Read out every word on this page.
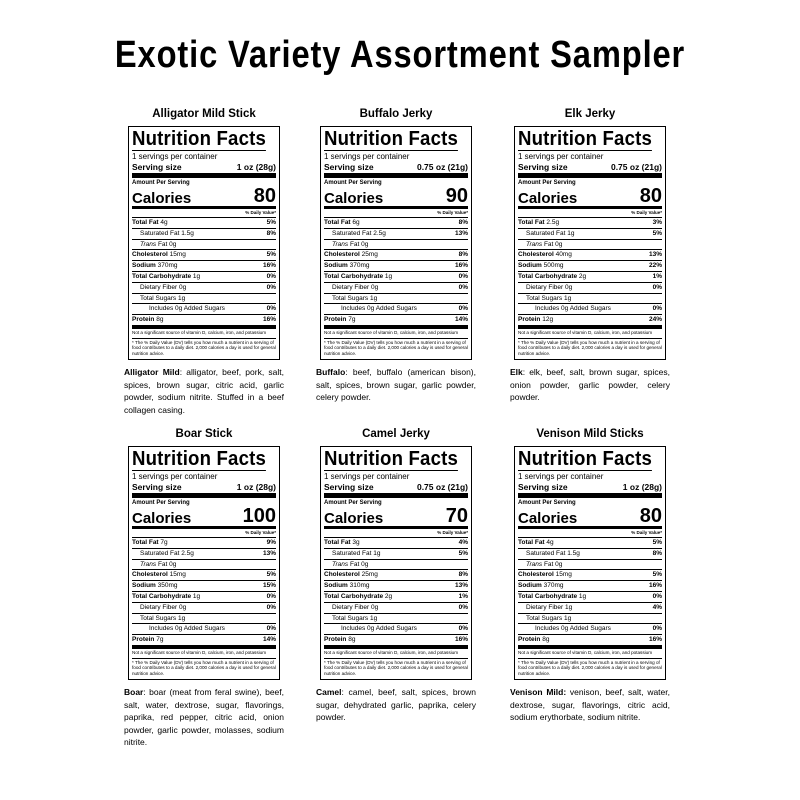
Exotic Variety Assortment Sampler
Alligator Mild Stick
Nutrition Facts
1 servings per container
Serving size	1 oz (28g)
Amount Per Serving
Calories	80
% Daily Value*
Total Fat 4g	5%
Saturated Fat 1.5g	8%
Trans Fat 0g
Cholesterol 15mg	5%
Sodium 370mg	16%
Total Carbohydrate 1g	0%
Dietary Fiber 0g	0%
Total Sugars 1g
Includes 0g Added Sugars	0%
Protein 8g	16%
Not a significant source of vitamin D, calcium, iron, and potassium
* The % Daily Value (DV) tells you how much a nutrient in a serving of food contributes to a daily diet. 2,000 calories a day is used for general nutrition advice.
Alligator Mild: alligator, beef, pork, salt, spices, brown sugar, citric acid, garlic powder, sodium nitrite. Stuffed in a beef collagen casing.
Buffalo Jerky
Nutrition Facts
1 servings per container
Serving size	0.75 oz (21g)
Amount Per Serving
Calories	90
% Daily Value*
Total Fat 6g	8%
Saturated Fat 2.5g	13%
Trans Fat 0g
Cholesterol 25mg	8%
Sodium 370mg	16%
Total Carbohydrate 1g	0%
Dietary Fiber 0g	0%
Total Sugars 1g
Includes 0g Added Sugars	0%
Protein 7g	14%
Not a significant source of vitamin D, calcium, iron, and potassium
* The % Daily Value (DV) tells you how much a nutrient in a serving of food contributes to a daily diet. 2,000 calories a day is used for general nutrition advice.
Buffalo: beef, buffalo (american bison), salt, spices, brown sugar, garlic powder, celery powder.
Elk Jerky
Nutrition Facts
1 servings per container
Serving size	0.75 oz (21g)
Amount Per Serving
Calories	80
% Daily Value*
Total Fat 2.5g	3%
Saturated Fat 1g	5%
Trans Fat 0g
Cholesterol 40mg	13%
Sodium 500mg	22%
Total Carbohydrate 2g	1%
Dietary Fiber 0g	0%
Total Sugars 1g
Includes 0g Added Sugars	0%
Protein 12g	24%
Not a significant source of vitamin D, calcium, iron, and potassium
* The % Daily Value (DV) tells you how much a nutrient in a serving of food contributes to a daily diet. 2,000 calories a day is used for general nutrition advice.
Elk: elk, beef, salt, brown sugar, spices, onion powder, garlic powder, celery powder.
Boar Stick
Nutrition Facts
1 servings per container
Serving size	1 oz (28g)
Amount Per Serving
Calories	100
% Daily Value*
Total Fat 7g	9%
Saturated Fat 2.5g	13%
Trans Fat 0g
Cholesterol 15mg	5%
Sodium 350mg	15%
Total Carbohydrate 1g	0%
Dietary Fiber 0g	0%
Total Sugars 1g
Includes 0g Added Sugars	0%
Protein 7g	14%
Not a significant source of vitamin D, calcium, iron, and potassium
* The % Daily Value (DV) tells you how much a nutrient in a serving of food contributes to a daily diet. 2,000 calories a day is used for general nutrition advice.
Boar: boar (meat from feral swine), beef, salt, water, dextrose, sugar, flavorings, paprika, red pepper, citric acid, onion powder, garlic powder, molasses, sodium nitrite.
Camel Jerky
Nutrition Facts
1 servings per container
Serving size	0.75 oz (21g)
Amount Per Serving
Calories	70
% Daily Value*
Total Fat 3g	4%
Saturated Fat 1g	5%
Trans Fat 0g
Cholesterol 25mg	8%
Sodium 310mg	13%
Total Carbohydrate 2g	1%
Dietary Fiber 0g	0%
Total Sugars 1g
Includes 0g Added Sugars	0%
Protein 8g	16%
Not a significant source of vitamin D, calcium, iron, and potassium
* The % Daily Value (DV) tells you how much a nutrient in a serving of food contributes to a daily diet. 2,000 calories a day is used for general nutrition advice.
Camel: camel, beef, salt, spices, brown sugar, dehydrated garlic, paprika, celery powder.
Venison Mild Sticks
Nutrition Facts
1 servings per container
Serving size	1 oz (28g)
Amount Per Serving
Calories	80
% Daily Value*
Total Fat 4g	5%
Saturated Fat 1.5g	8%
Trans Fat 0g
Cholesterol 15mg	5%
Sodium 370mg	16%
Total Carbohydrate 1g	0%
Dietary Fiber 1g	4%
Total Sugars 1g
Includes 0g Added Sugars	0%
Protein 8g	16%
Not a significant source of vitamin D, calcium, iron, and potassium
* The % Daily Value (DV) tells you how much a nutrient in a serving of food contributes to a daily diet. 2,000 calories a day is used for general nutrition advice.
Venison Mild: venison, beef, salt, water, dextrose, sugar, flavorings, citric acid, sodium erythorbate, sodium nitrite.
